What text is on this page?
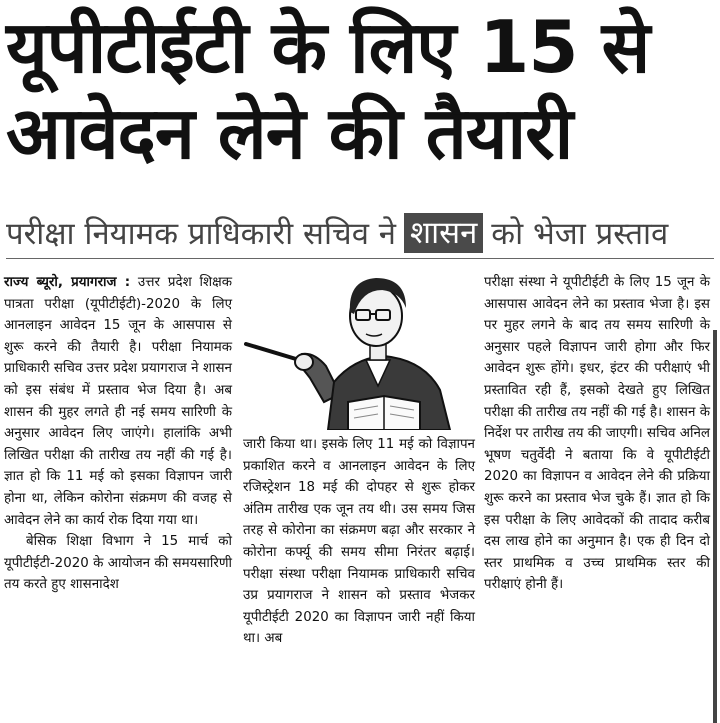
यूपीटीईटी के लिए 15 से
आवेदन लेने की तैयारी
परीक्षा नियामक प्राधिकारी सचिव ने शासन को भेजा प्रस्ताव

राज्य ब्यूरो, प्रयागराज : उत्तर प्रदेश शिक्षक पात्रता परीक्षा (यूपीटीईटी)-2020 के लिए आनलाइन आवेदन 15 जून के आसपास से शुरू करने की तैयारी है। परीक्षा नियामक प्राधिकारी सचिव उत्तर प्रदेश प्रयागराज ने शासन को इस संबंध में प्रस्ताव भेज दिया है। अब शासन की मुहर लगते ही नई समय सारिणी के अनुसार आवेदन लिए जाएंगे। हालांकि अभी लिखित परीक्षा की तारीख तय नहीं की गई है। ज्ञात हो कि 11 मई को इसका विज्ञापन जारी होना था, लेकिन कोरोना संक्रमण की वजह से आवेदन लेने का कार्य रोक दिया गया था।

बेसिक शिक्षा विभाग ने 15 मार्च को यूपीटीईटी-2020 के आयोजन की समयसारिणी तय करते हुए शासनादेश

जारी किया था। इसके लिए 11 मई को विज्ञापन प्रकाशित करने व आनलाइन आवेदन के लिए रजिस्ट्रेशन 18 मई की दोपहर से शुरू होकर अंतिम तारीख एक जून तय थी। उस समय जिस तरह से कोरोना का संक्रमण बढ़ा और सरकार ने कोरोना कर्फ्यू की समय सीमा निरंतर बढ़ाई। परीक्षा संस्था परीक्षा नियामक प्राधिकारी सचिव उप्र प्रयागराज ने शासन को प्रस्ताव भेजकर यूपीटीईटी 2020 का विज्ञापन जारी नहीं किया था। अब

परीक्षा संस्था ने यूपीटीईटी के लिए 15 जून के आसपास आवेदन लेने का प्रस्ताव भेजा है। इस पर मुहर लगने के बाद तय समय सारिणी के अनुसार पहले विज्ञापन जारी होगा और फिर आवेदन शुरू होंगे। इधर, इंटर की परीक्षाएं भी प्रस्तावित रही हैं, इसको देखते हुए लिखित परीक्षा की तारीख तय नहीं की गई है। शासन के निर्देश पर तारीख तय की जाएगी। सचिव अनिल भूषण चतुर्वेदी ने बताया कि वे यूपीटीईटी 2020 का विज्ञापन व आवेदन लेने की प्रक्रिया शुरू करने का प्रस्ताव भेज चुके हैं। ज्ञात हो कि इस परीक्षा के लिए आवेदकों की तादाद करीब दस लाख होने का अनुमान है। एक ही दिन दो स्तर प्राथमिक व उच्च प्राथमिक स्तर की परीक्षाएं होनी हैं।
